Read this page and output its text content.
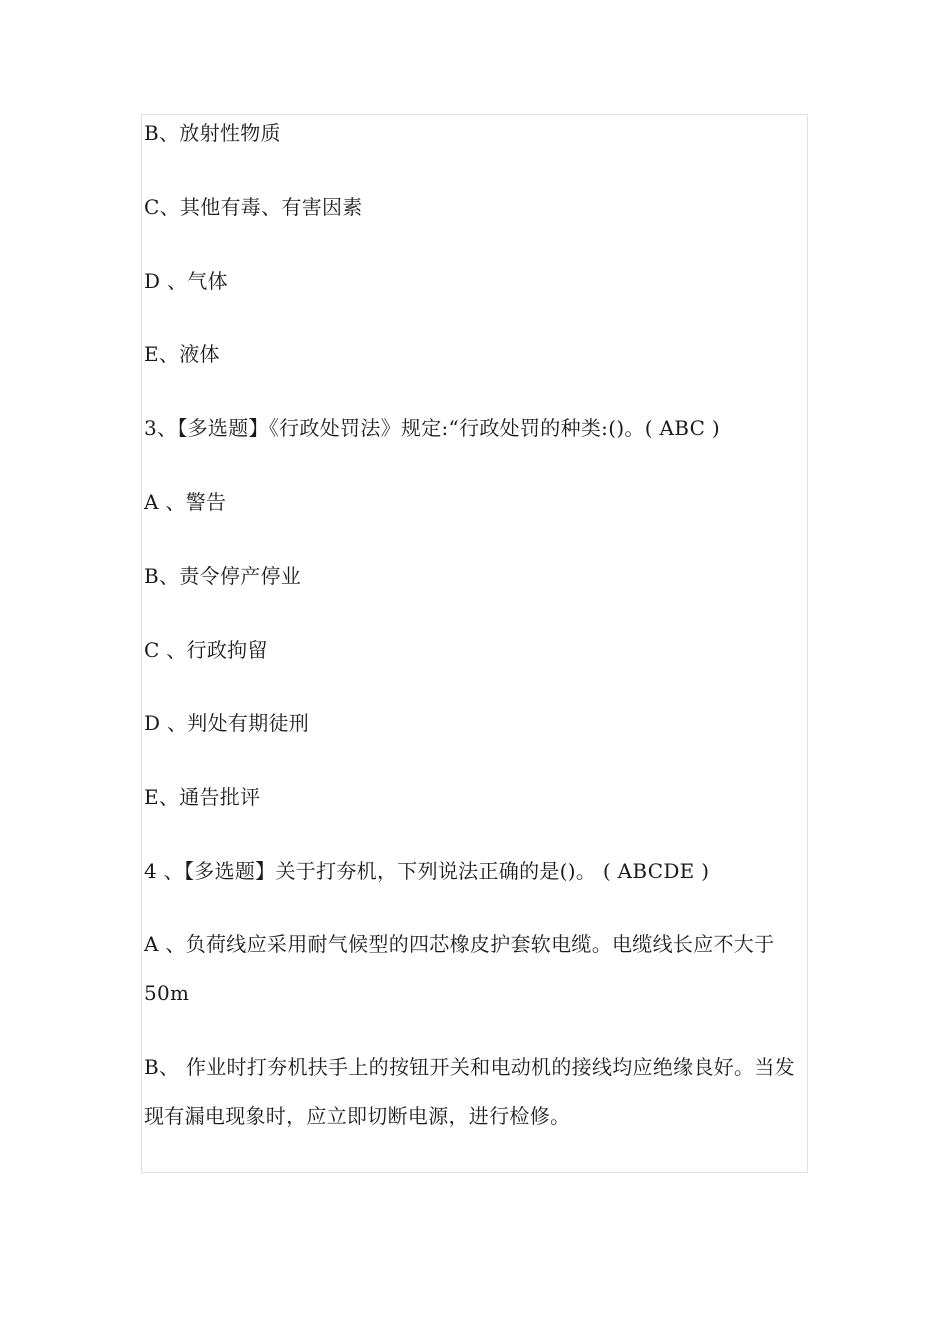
B、放射性物质
C、其他有毒、有害因素
D 、气体
E、液体
3、【多选题】《行政处罚法》规定:“行政处罚的种类:()。( ABC )
A 、警告
B、责令停产停业
C 、行政拘留
D 、判处有期徒刑
E、通告批评
4 、【多选题】关于打夯机，下列说法正确的是()。 ( ABCDE )
A 、负荷线应采用耐气候型的四芯橡皮护套软电缆。电缆线长应不大于50m
B、 作业时打夯机扶手上的按钮开关和电动机的接线均应绝缘良好。当发现有漏电现象时，应立即切断电源，进行检修。
